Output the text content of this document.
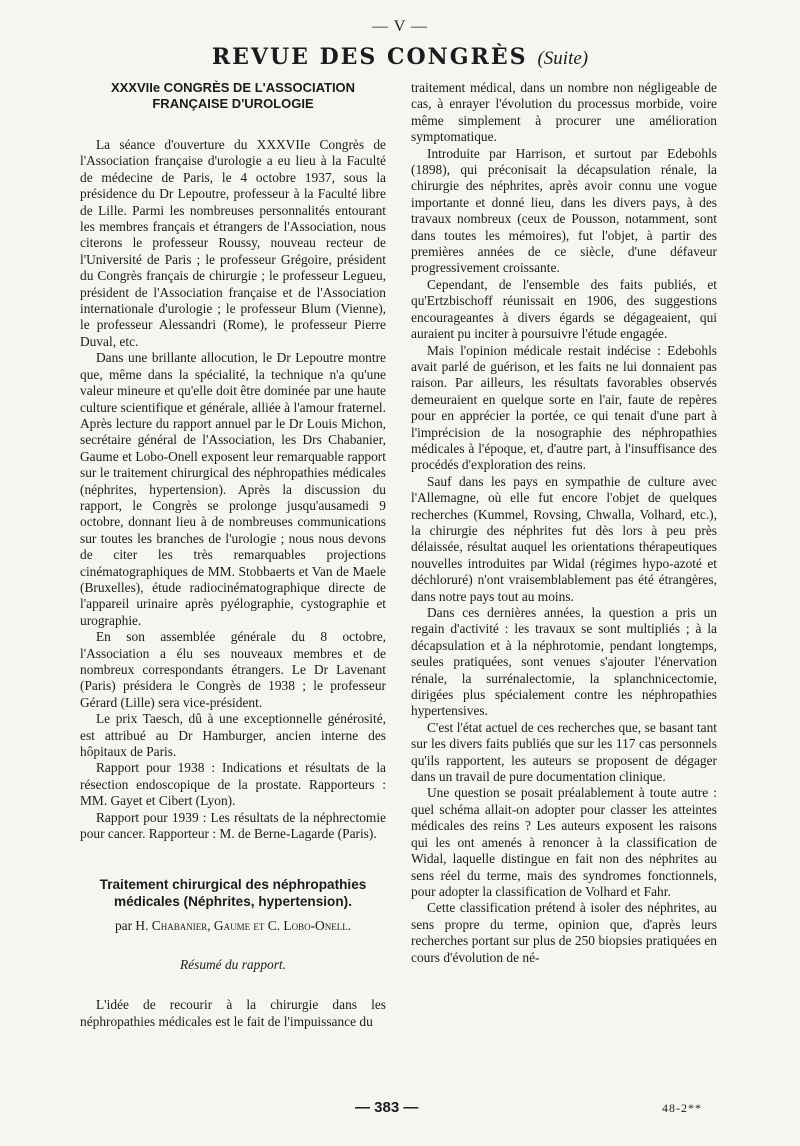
— V —
REVUE DES CONGRÈS (Suite)
XXXVIIe CONGRÈS DE L'ASSOCIATION
FRANÇAISE D'UROLOGIE

La séance d'ouverture du XXXVIIe Congrès de l'Association française d'urologie a eu lieu à la Faculté de médecine de Paris, le 4 octobre 1937, sous la présidence du Dr Lepoutre, professeur à la Faculté libre de Lille. Parmi les nombreuses personnalités entourant les membres français et étrangers de l'Association, nous citerons le professeur Roussy, nouveau recteur de l'Université de Paris ; le professeur Grégoire, président du Congrès français de chirurgie ; le professeur Legueu, président de l'Association française et de l'Association internationale d'urologie ; le professeur Blum (Vienne), le professeur Alessandri (Rome), le professeur Pierre Duval, etc.

Dans une brillante allocution, le Dr Lepoutre montre que, même dans la spécialité, la technique n'a qu'une valeur mineure et qu'elle doit être dominée par une haute culture scientifique et générale, alliée à l'amour fraternel. Après lecture du rapport annuel par le Dr Louis Michon, secrétaire général de l'Association, les Drs Chabanier, Gaume et Lobo-Onell exposent leur remarquable rapport sur le traitement chirurgical des néphropathies médicales (néphrites, hypertension). Après la discussion du rapport, le Congrès se prolonge jusqu'ausamedi 9 octobre, donnant lieu à de nombreuses communications sur toutes les branches de l'urologie ; nous nous devons de citer les très remarquables projections cinématographiques de MM. Stobbaerts et Van de Maele (Bruxelles), étude radiocinématographique directe de l'appareil urinaire après pyélographie, cystographie et urographie.

En son assemblée générale du 8 octobre, l'Association a élu ses nouveaux membres et de nombreux correspondants étrangers. Le Dr Lavenant (Paris) présidera le Congrès de 1938 ; le professeur Gérard (Lille) sera vice-président.

Le prix Taesch, dû à une exceptionnelle générosité, est attribué au Dr Hamburger, ancien interne des hôpitaux de Paris.

Rapport pour 1938 : Indications et résultats de la résection endoscopique de la prostate. Rapporteurs : MM. Gayet et Cibert (Lyon).

Rapport pour 1939 : Les résultats de la néphrectomie pour cancer. Rapporteur : M. de Berne-Lagarde (Paris).

Traitement chirurgical des néphropathies
médicales (Néphrites, hypertension).
par H. Chabanier, Gaume et C. Lobo-Onell.
Résumé du rapport.

L'idée de recourir à la chirurgie dans les néphropathies médicales est le fait de l'impuissance du

traitement médical, dans un nombre non négligeable de cas, à enrayer l'évolution du processus morbide, voire même simplement à procurer une amélioration symptomatique.

Introduite par Harrison, et surtout par Edebohls (1898), qui préconisait la décapsulation rénale, la chirurgie des néphrites, après avoir connu une vogue importante et donné lieu, dans les divers pays, à des travaux nombreux (ceux de Pousson, notamment, sont dans toutes les mémoires), fut l'objet, à partir des premières années de ce siècle, d'une défaveur progressivement croissante.

Cependant, de l'ensemble des faits publiés, et qu'Ertzbischoff réunissait en 1906, des suggestions encourageantes à divers égards se dégageaient, qui auraient pu inciter à poursuivre l'étude engagée.

Mais l'opinion médicale restait indécise : Edebohls avait parlé de guérison, et les faits ne lui donnaient pas raison. Par ailleurs, les résultats favorables observés demeuraient en quelque sorte en l'air, faute de repères pour en apprécier la portée, ce qui tenait d'une part à l'imprécision de la nosographie des néphropathies médicales à l'époque, et, d'autre part, à l'insuffisance des procédés d'exploration des reins.

Sauf dans les pays en sympathie de culture avec l'Allemagne, où elle fut encore l'objet de quelques recherches (Kummel, Rovsing, Chwalla, Volhard, etc.), la chirurgie des néphrites fut dès lors à peu près délaissée, résultat auquel les orientations thérapeutiques nouvelles introduites par Widal (régimes hypo-azoté et déchloruré) n'ont vraisemblablement pas été étrangères, dans notre pays tout au moins.

Dans ces dernières années, la question a pris un regain d'activité : les travaux se sont multipliés ; à la décapsulation et à la néphrotomie, pendant longtemps, seules pratiquées, sont venues s'ajouter l'énervation rénale, la surrénalectomie, la splanchnicectomie, dirigées plus spécialement contre les néphropathies hypertensives.

C'est l'état actuel de ces recherches que, se basant tant sur les divers faits publiés que sur les 117 cas personnels qu'ils rapportent, les auteurs se proposent de dégager dans un travail de pure documentation clinique.

Une question se posait préalablement à toute autre : quel schéma allait-on adopter pour classer les atteintes médicales des reins ? Les auteurs exposent les raisons qui les ont amenés à renoncer à la classification de Widal, laquelle distingue en fait non des néphrites au sens réel du terme, mais des syndromes fonctionnels, pour adopter la classification de Volhard et Fahr.

Cette classification prétend à isoler des néphrites, au sens propre du terme, opinion que, d'après leurs recherches portant sur plus de 250 biopsies pratiquées en cours d'évolution de né-

— 383 —	48-2**
